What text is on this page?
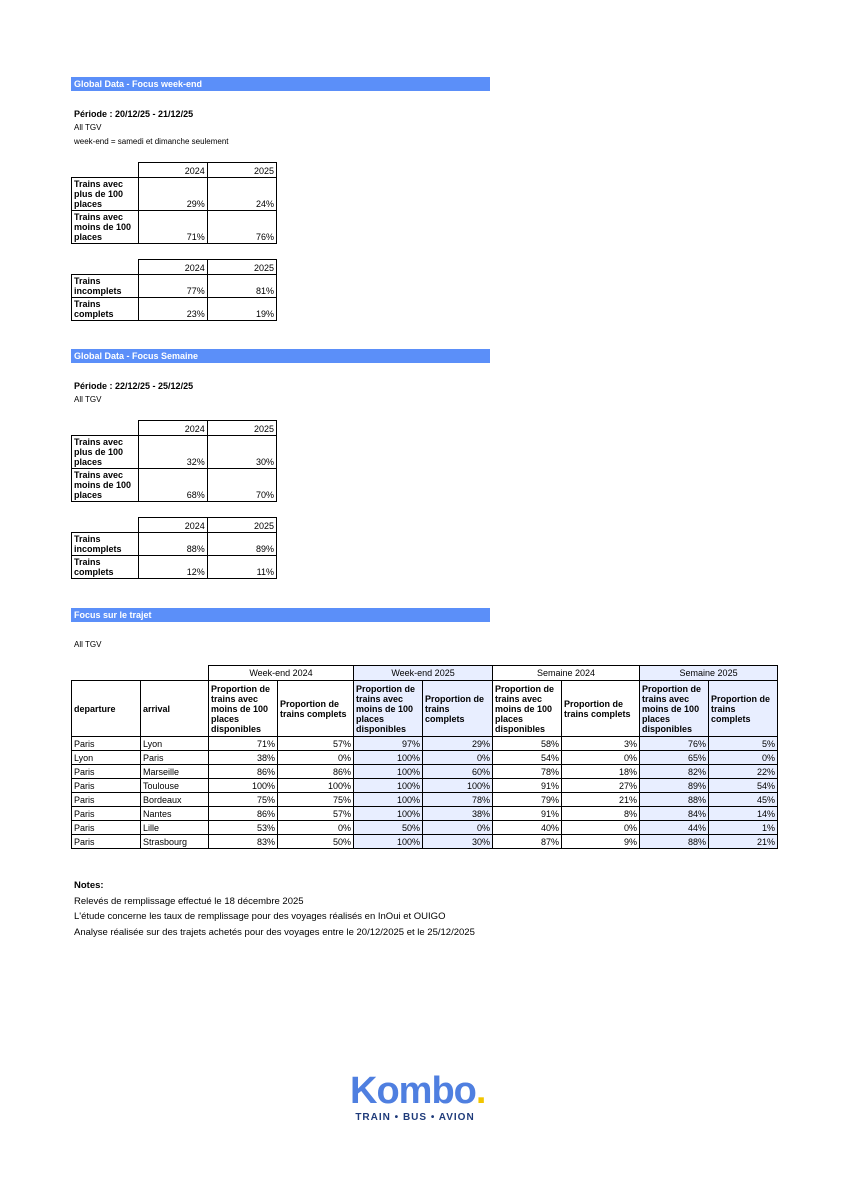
Global Data - Focus week-end
Période : 20/12/25 - 21/12/25
All TGV
week-end = samedi et dimanche seulement
	2024	2025
Trains avec plus de 100 places	29%	24%
Trains avec moins de 100 places	71%	76%
	2024	2025
Trains incomplets	77%	81%
Trains complets	23%	19%
Global Data - Focus Semaine
Période : 22/12/25 - 25/12/25
All TGV
	2024	2025
Trains avec plus de 100 places	32%	30%
Trains avec moins de 100 places	68%	70%
	2024	2025
Trains incomplets	88%	89%
Trains complets	12%	11%
Focus sur le trajet
All TGV
		Week-end 2024		Week-end 2025		Semaine 2024		Semaine 2025	
departure	arrival	Proportion de trains avec moins de 100 places disponibles	Proportion de trains complets	Proportion de trains avec moins de 100 places disponibles	Proportion de trains complets	Proportion de trains avec moins de 100 places disponibles	Proportion de trains complets	Proportion de trains avec moins de 100 places disponibles	Proportion de trains complets
Paris	Lyon	71%	57%	97%	29%	58%	3%	76%	5%
Lyon	Paris	38%	0%	100%	0%	54%	0%	65%	0%
Paris	Marseille	86%	86%	100%	60%	78%	18%	82%	22%
Paris	Toulouse	100%	100%	100%	100%	91%	27%	89%	54%
Paris	Bordeaux	75%	75%	100%	78%	79%	21%	88%	45%
Paris	Nantes	86%	57%	100%	38%	91%	8%	84%	14%
Paris	Lille	53%	0%	50%	0%	40%	0%	44%	1%
Paris	Strasbourg	83%	50%	100%	30%	87%	9%	88%	21%
Notes:
Relevés de remplissage effectué le 18 décembre 2025
L'étude concerne les taux de remplissage pour des voyages réalisés en InOui et OUIGO
Analyse réalisée sur des trajets achetés pour des voyages entre le 20/12/2025 et le 25/12/2025
Kombo.
TRAIN • BUS • AVION
